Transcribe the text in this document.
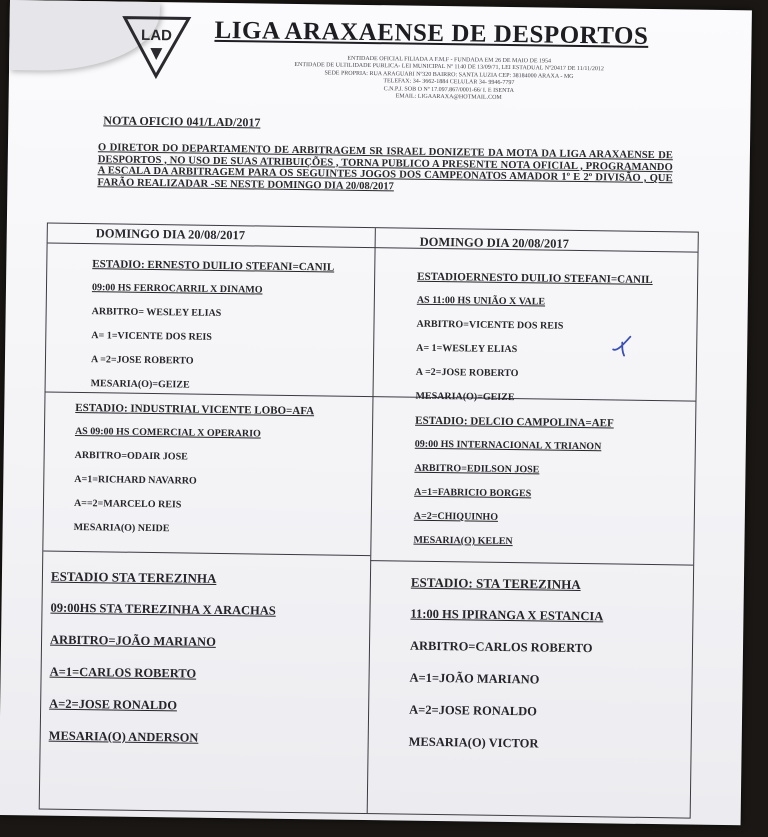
LAD LIGA ARAXAENSE DE DESPORTOS
ENTIDADE OFICIAL FILIADA A F.M.F - FUNDADA EM 26 DE MAIO DE 1954
ENTIDADE DE ULTILIDADE PUBLICA- LEI MUNICIPAL Nº 1140 DE 13/09/71, LEI ESTADUAL Nº20417 DE 11/11/2012
SEDE PROPRIA: RUA ARAGUARI Nº320 BAIRRO: SANTA LUZIA CEP: 38184000 ARAXA - MG
TELEFAX: 34- 3662-1884 CELULAR 34- 9946-7797
C.N.P.J. SOB O Nº 17.097.867/0001-66/ I. E ISENTA
EMAIL: LIGAARAXA@HOTMAIL.COM
NOTA OFICIO 041/LAD/2017
O DIRETOR DO DEPARTAMENTO DE ARBITRAGEM SR ISRAEL DONIZETE DA MOTA DA LIGA ARAXAENSE DE DESPORTOS , NO USO DE SUAS ATRIBUIÇÕES , TORNA PUBLICO A PRESENTE NOTA OFICIAL , PROGRAMANDO A ESCALA DA ARBITRAGEM PARA OS SEGUINTES JOGOS DOS CAMPEONATOS AMADOR 1º E 2º DIVISÃO , QUE FARÃO REALIZADAR -SE NESTE DOMINGO DIA 20/08/2017
DOMINGO DIA 20/08/2017
DOMINGO DIA 20/08/2017
ESTADIO: ERNESTO DUILIO STEFANI=CANIL
09:00 HS FERROCARRIL X DINAMO
ARBITRO= WESLEY ELIAS
A= 1=VICENTE DOS REIS
A =2=JOSE ROBERTO
MESARIA(O)=GEIZE
ESTADIOERNESTO DUILIO STEFANI=CANIL
AS 11:00 HS UNIÃO X VALE
ARBITRO=VICENTE DOS REIS
A= 1=WESLEY ELIAS
A =2=JOSE ROBERTO
MESARIA(O)=GEIZE
ESTADIO: INDUSTRIAL VICENTE LOBO=AFA
AS 09:00 HS COMERCIAL X OPERARIO
ARBITRO=ODAIR JOSE
A=1=RICHARD NAVARRO
A==2=MARCELO REIS
MESARIA(O) NEIDE
ESTADIO: DELCIO CAMPOLINA=AEF
09:00 HS INTERNACIONAL X TRIANON
ARBITRO=EDILSON JOSE
A=1=FABRICIO BORGES
A=2=CHIQUINHO
MESARIA(O) KELEN
ESTADIO STA TEREZINHA
09:00HS STA TEREZINHA X ARACHAS
ARBITRO=JOÃO MARIANO
A=1=CARLOS ROBERTO
A=2=JOSE RONALDO
MESARIA(O) ANDERSON
ESTADIO: STA TEREZINHA
11:00 HS IPIRANGA X ESTANCIA
ARBITRO=CARLOS ROBERTO
A=1=JOÃO MARIANO
A=2=JOSE RONALDO
MESARIA(O) VICTOR
